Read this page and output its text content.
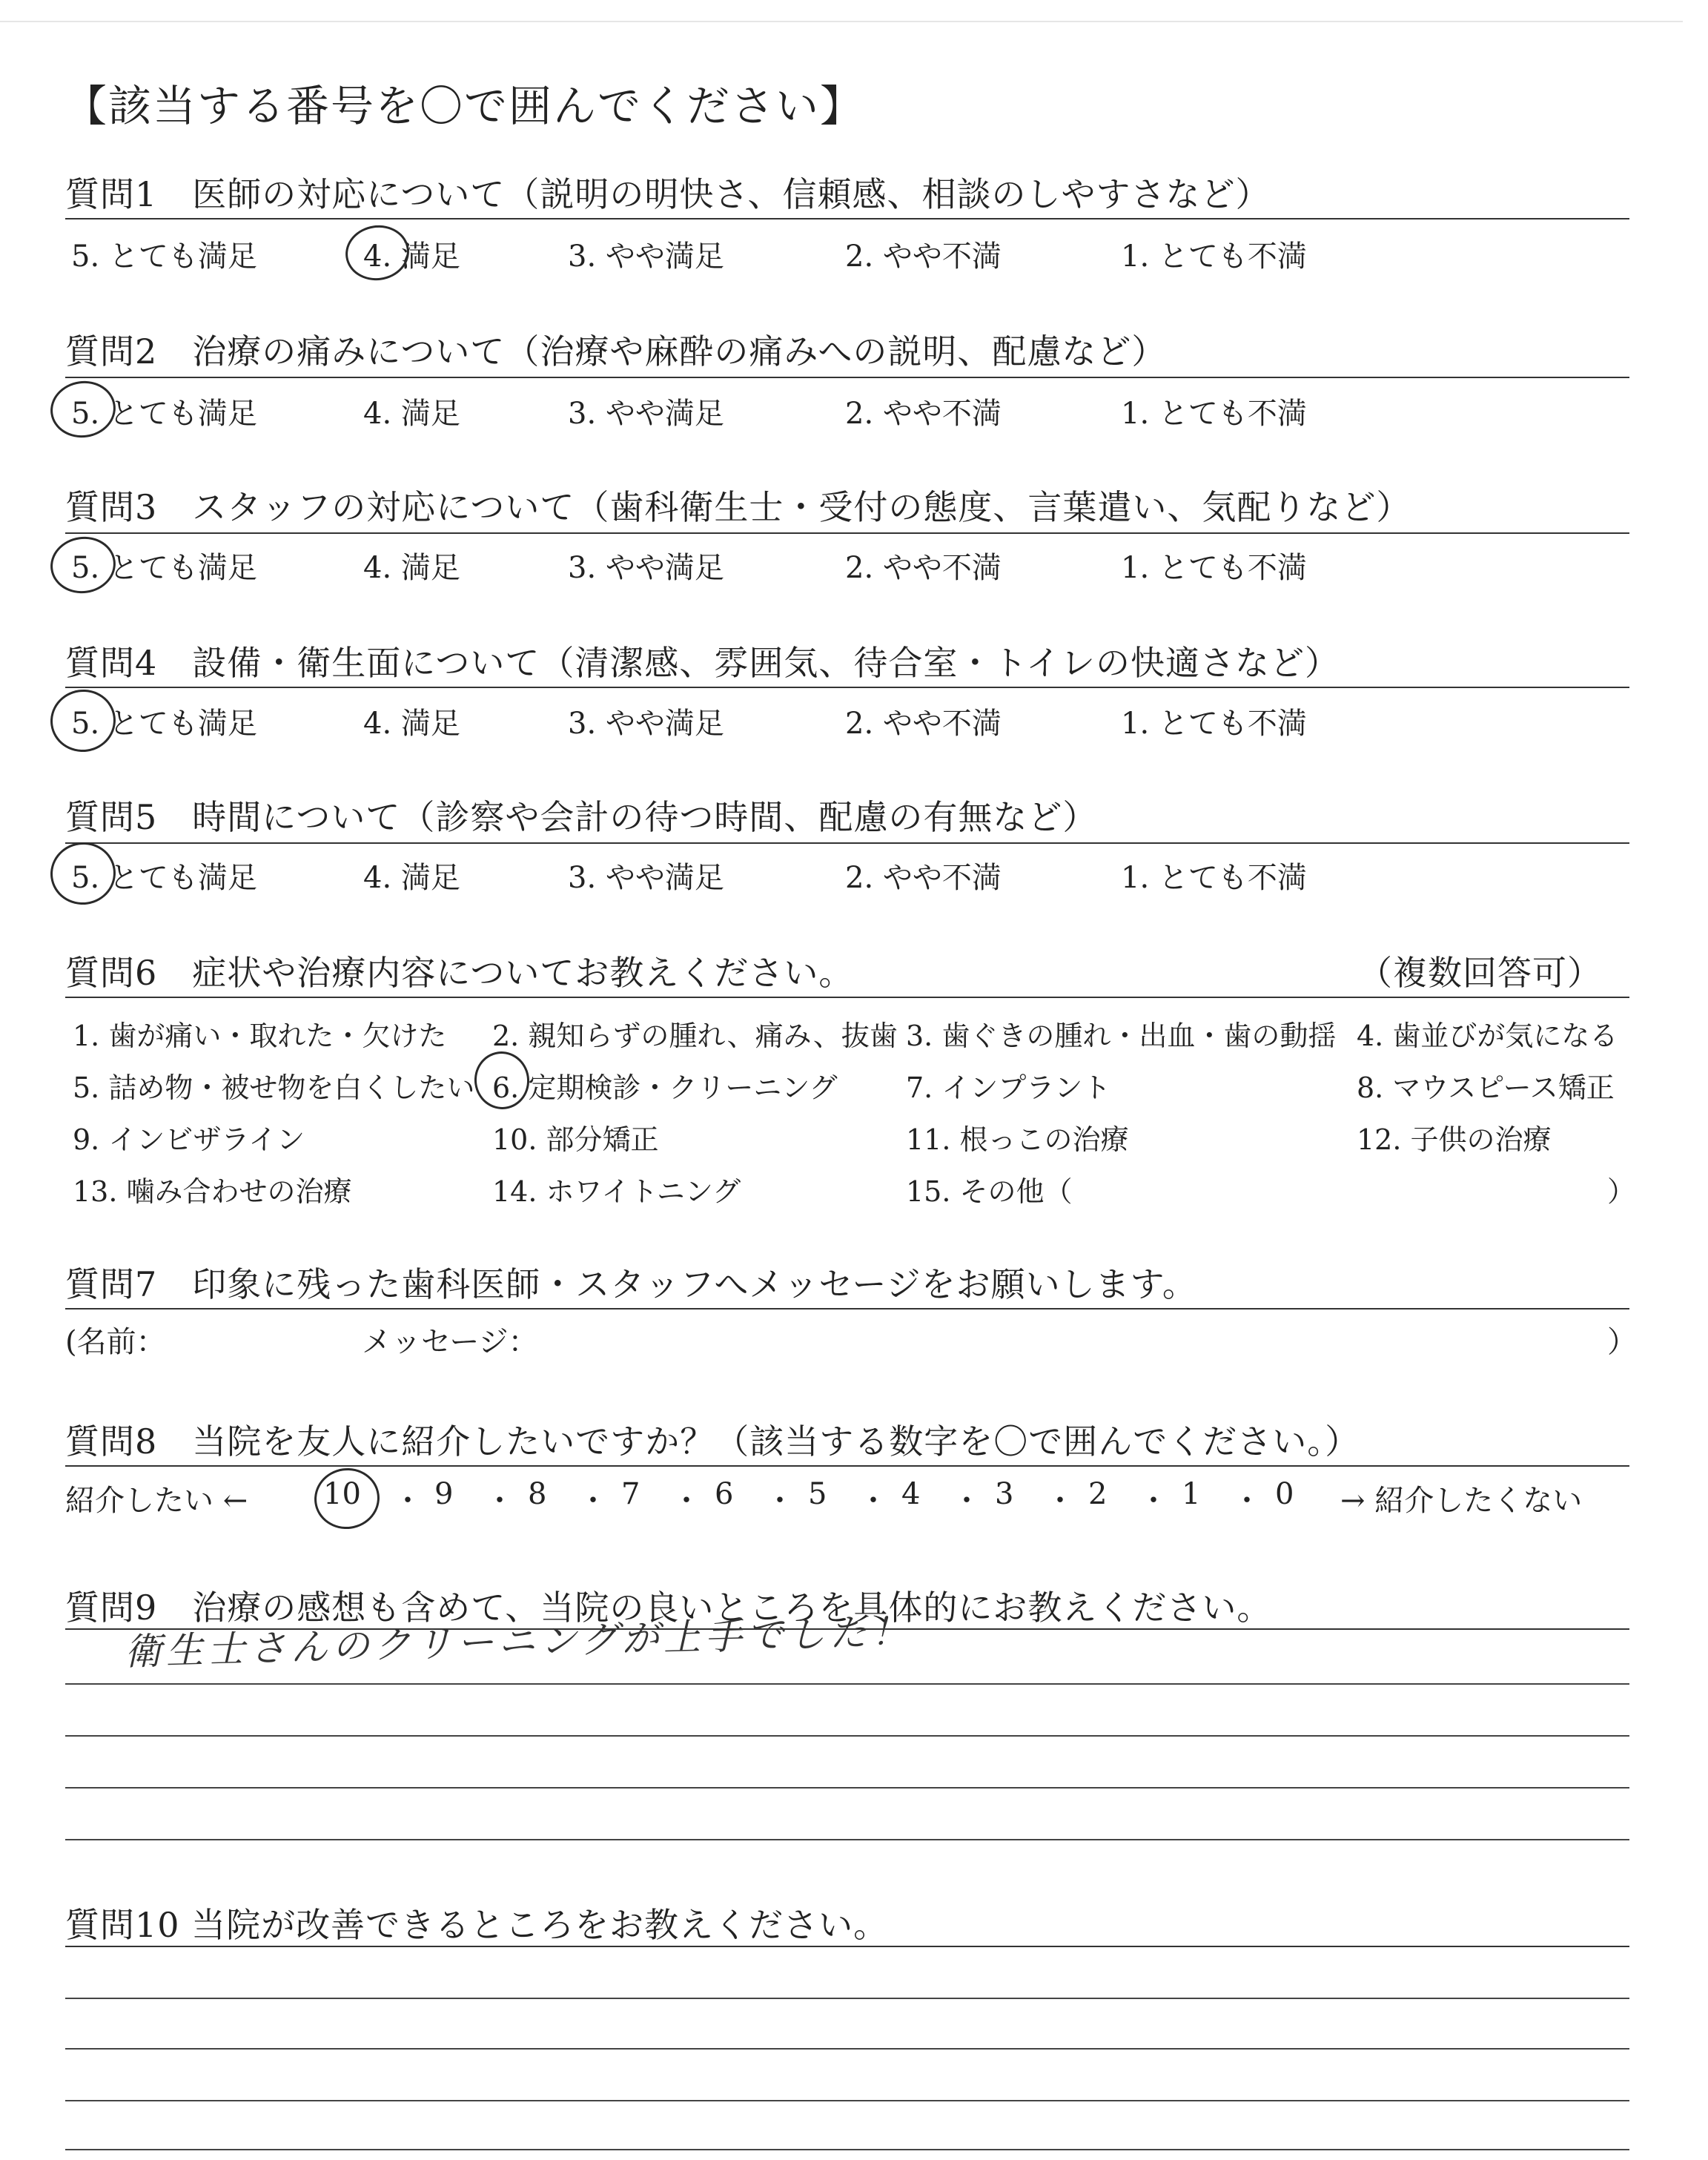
【該当する番号を〇で囲んでください】
質問1　医師の対応について（説明の明快さ、信頼感、相談のしやすさなど）
5. とても満足	4. 満足	3. やや満足	2. やや不満	1. とても不満
質問2　治療の痛みについて（治療や麻酔の痛みへの説明、配慮など）
5. とても満足	4. 満足	3. やや満足	2. やや不満	1. とても不満
質問3　スタッフの対応について（歯科衛生士・受付の態度、言葉遣い、気配りなど）
5. とても満足	4. 満足	3. やや満足	2. やや不満	1. とても不満
質問4　設備・衛生面について（清潔感、雰囲気、待合室・トイレの快適さなど）
5. とても満足	4. 満足	3. やや満足	2. やや不満	1. とても不満
質問5　時間について（診察や会計の待つ時間、配慮の有無など）
5. とても満足	4. 満足	3. やや満足	2. やや不満	1. とても不満
質問6　症状や治療内容についてお教えください。	（複数回答可）
1. 歯が痛い・取れた・欠けた 2. 親知らずの腫れ、痛み、抜歯 3. 歯ぐきの腫れ・出血・歯の動揺 4. 歯並びが気になる
5. 詰め物・被せ物を白くしたい 6. 定期検診・クリーニング 7. インプラント	8. マウスピース矯正
9. インビザライン	10. 部分矯正	11. 根っこの治療	12. 子供の治療
13. 噛み合わせの治療	14. ホワイトニング	15. その他（	）
質問7　印象に残った歯科医師・スタッフへメッセージをお願いします。
(名前：	メッセージ：	）
質問8　当院を友人に紹介したいですか？（該当する数字を〇で囲んでください。）
紹介したい ←	→ 紹介したくない
10 ・ 9 ・ 8 ・ 7 ・ 6 ・ 5 ・ 4 ・ 3 ・ 2 ・ 1 ・ 0
質問9　治療の感想も含めて、当院の良いところを具体的にお教えください。
衛生士さんのクリーニングが上手でした！
質問10 当院が改善できるところをお教えください。
